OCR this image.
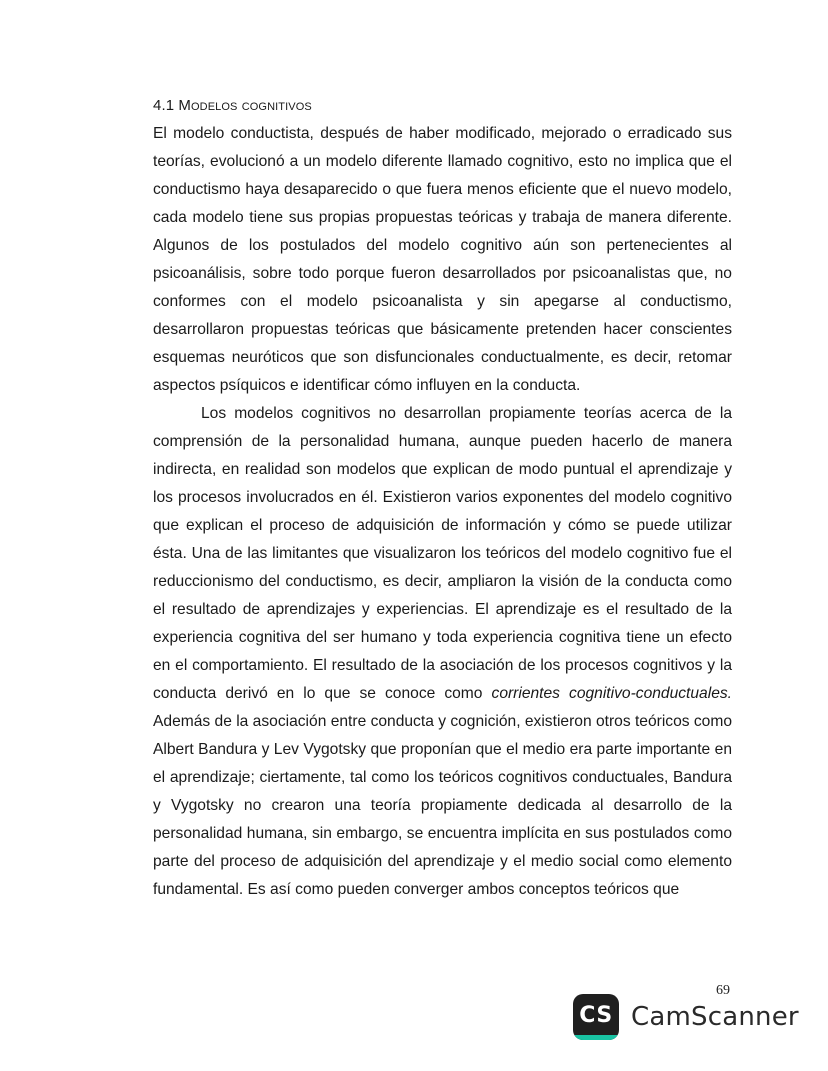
4.1 Modelos cognitivos

El modelo conductista, después de haber modificado, mejorado o erradicado sus teorías, evolucionó a un modelo diferente llamado cognitivo, esto no implica que el conductismo haya desaparecido o que fuera menos eficiente que el nuevo modelo, cada modelo tiene sus propias propuestas teóricas y trabaja de manera diferente. Algunos de los postulados del modelo cognitivo aún son pertenecientes al psicoanálisis, sobre todo porque fueron desarrollados por psicoanalistas que, no conformes con el modelo psicoanalista y sin apegarse al conductismo, desarrollaron propuestas teóricas que básicamente pretenden hacer conscientes esquemas neuróticos que son disfuncionales conductualmente, es decir, retomar aspectos psíquicos e identificar cómo influyen en la conducta.

Los modelos cognitivos no desarrollan propiamente teorías acerca de la comprensión de la personalidad humana, aunque pueden hacerlo de manera indirecta, en realidad son modelos que explican de modo puntual el aprendizaje y los procesos involucrados en él. Existieron varios exponentes del modelo cognitivo que explican el proceso de adquisición de información y cómo se puede utilizar ésta. Una de las limitantes que visualizaron los teóricos del modelo cognitivo fue el reduccionismo del conductismo, es decir, ampliaron la visión de la conducta como el resultado de aprendizajes y experiencias. El aprendizaje es el resultado de la experiencia cognitiva del ser humano y toda experiencia cognitiva tiene un efecto en el comportamiento. El resultado de la asociación de los procesos cognitivos y la conducta derivó en lo que se conoce como corrientes cognitivo-conductuales. Además de la asociación entre conducta y cognición, existieron otros teóricos como Albert Bandura y Lev Vygotsky que proponían que el medio era parte importante en el aprendizaje; ciertamente, tal como los teóricos cognitivos conductuales, Bandura y Vygotsky no crearon una teoría propiamente dedicada al desarrollo de la personalidad humana, sin embargo, se encuentra implícita en sus postulados como parte del proceso de adquisición del aprendizaje y el medio social como elemento fundamental. Es así como pueden converger ambos conceptos teóricos que

69
CS CamScanner
